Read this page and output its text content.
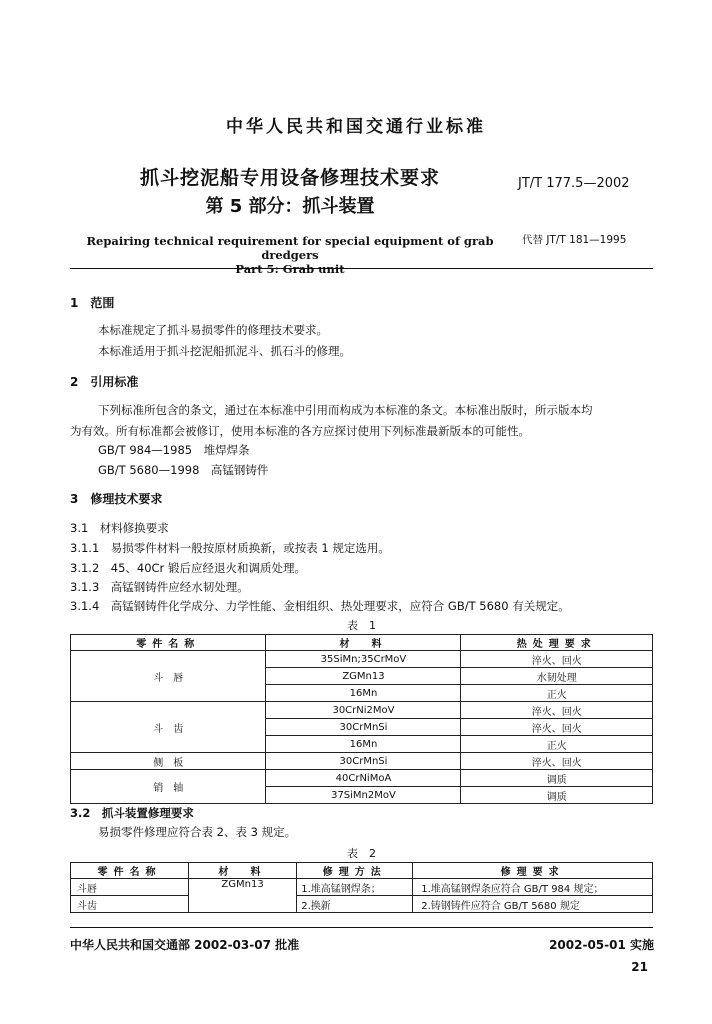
中华人民共和国交通行业标准
抓斗挖泥船专用设备修理技术要求
第 5 部分：抓斗装置
JT/T 177.5—2002
Repairing technical requirement for special equipment of grab dredgers
Part 5: Grab unit
代替 JT/T 181—1995
1　范围
本标准规定了抓斗易损零件的修理技术要求。
本标准适用于抓斗挖泥船抓泥斗、抓石斗的修理。
2　引用标准
下列标准所包含的条文，通过在本标准中引用而构成为本标准的条文。本标准出版时，所示版本均
为有效。所有标准都会被修订，使用本标准的各方应探讨使用下列标准最新版本的可能性。
GB/T 984—1985　堆焊焊条
GB/T 5680—1998　高锰钢铸件
3　修理技术要求
3.1　材料修换要求
3.1.1　易损零件材料一般按原材质换新，或按表 1 规定选用。
3.1.2　45、40Cr 锻后应经退火和调质处理。
3.1.3　高锰钢铸件应经水韧处理。
3.1.4　高锰钢铸件化学成分、力学性能、金相组织、热处理要求，应符合 GB/T 5680 有关规定。
表　1
零件名称	材　料	热处理要求
斗　唇	35SiMn;35CrMoV	淬火、回火
	ZGMn13	水韧处理
	16Mn	正火
斗　齿	30CrNi2MoV	淬火、回火
	30CrMnSi	淬火、回火
	16Mn	正火
侧　板	30CrMnSi	淬火、回火
销　轴	40CrNiMoA	调质
	37SiMn2MoV	调质
3.2　抓斗装置修理要求
易损零件修理应符合表 2、表 3 规定。
表　2
零件名称	材　料	修理方法	修理要求
斗唇	ZGMn13	1.堆高锰钢焊条；	1.堆高锰钢焊条应符合 GB/T 984 规定；
斗齿		2.换新	2.铸钢铸件应符合 GB/T 5680 规定
中华人民共和国交通部 2002-03-07 批准	2002-05-01 实施
21
